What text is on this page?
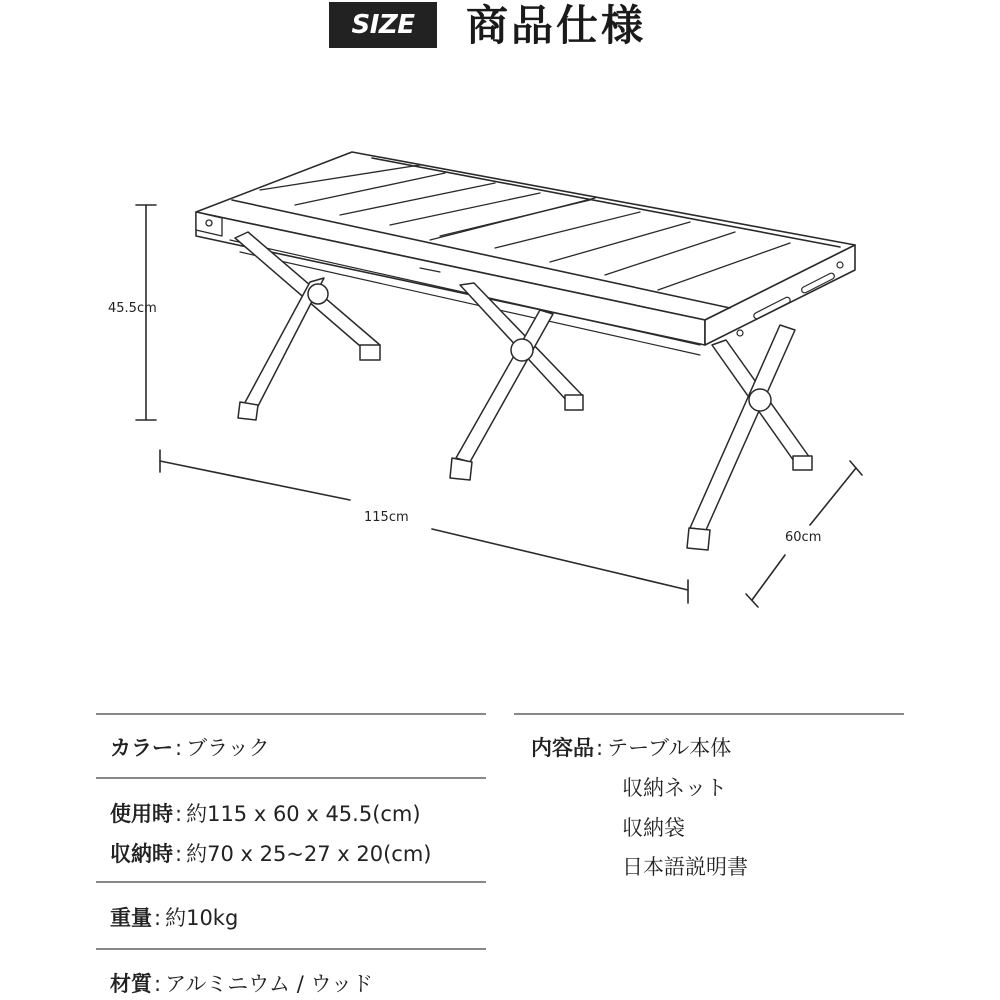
SIZE	商品仕様
45.5cm
115cm
60cm
カラー : ブラック
使用時 : 約115 x 60 x 45.5(cm)
収納時 : 約70 x 25~27 x 20(cm)
重量 : 約10kg
材質 : アルミニウム / ウッド
内容品 : テーブル本体
収納ネット
収納袋
日本語説明書
